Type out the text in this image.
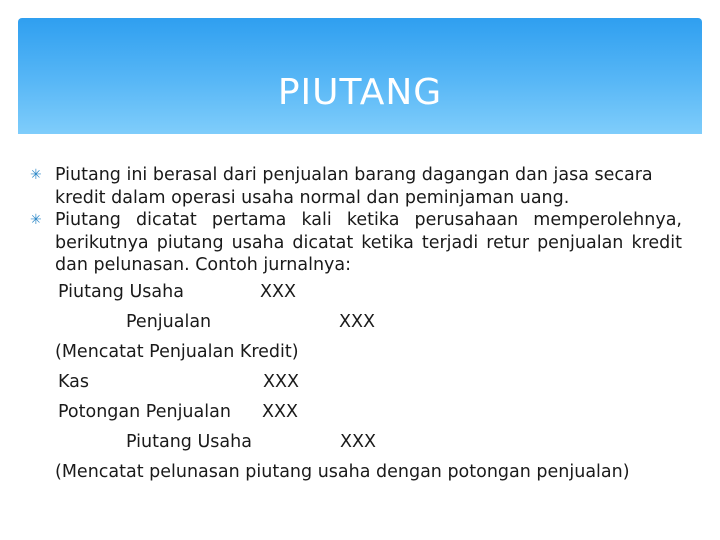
PIUTANG
✳ Piutang ini berasal dari penjualan barang dagangan dan jasa secara kredit dalam operasi usaha normal dan peminjaman uang.
✳ Piutang dicatat pertama kali ketika perusahaan memperolehnya, berikutnya piutang usaha dicatat ketika terjadi retur penjualan kredit dan pelunasan. Contoh jurnalnya:
Piutang Usaha	XXX
Penjualan	XXX
(Mencatat Penjualan Kredit)
Kas	XXX
Potongan Penjualan XXX
Piutang Usaha	XXX
(Mencatat pelunasan piutang usaha dengan potongan penjualan)
